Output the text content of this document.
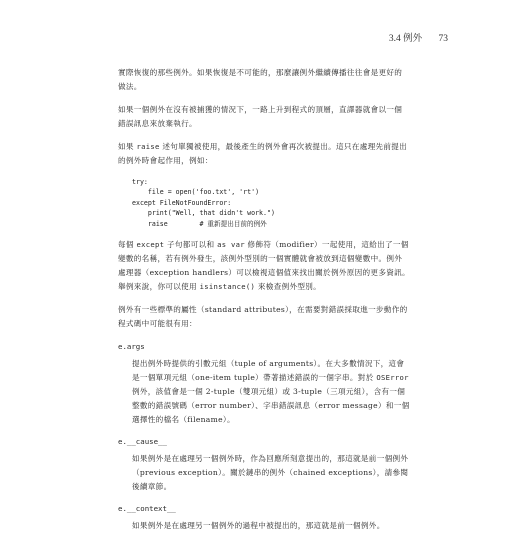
3.4 例外 73

實際恢復的那些例外。如果恢復是不可能的，那麼讓例外繼續傳播往往會是更好的做法。

如果一個例外在沒有被捕獲的情況下，一路上升到程式的頂層，直譯器就會以一個錯誤訊息來放棄執行。

如果 raise 述句單獨被使用，最後產生的例外會再次被提出。這只在處理先前提出的例外時會起作用，例如：

try:
file = open('foo.txt', 'rt')
except FileNotFoundError:
print("Well, that didn't work.")
raise        # 重新提出目前的例外

每個 except 子句都可以和 as var 修飾符（modifier）一起使用，這給出了一個變數的名稱，若有例外發生，該例外型別的一個實體就會被放到這個變數中。例外處理器（exception handlers）可以檢視這個值來找出關於例外原因的更多資訊。舉例來說，你可以使用 isinstance() 來檢查例外型別。

例外有一些標準的屬性（standard attributes），在需要對錯誤採取進一步動作的程式碼中可能很有用：

e.args
提出例外時提供的引數元組（tuple of arguments）。在大多數情況下，這會是一個單項元組（one-item tuple）帶著描述錯誤的一個字串。對於 OSError 例外，該值會是一個 2-tuple（雙項元組）或 3-tuple（三項元組），含有一個整數的錯誤號碼（error number）、字串錯誤訊息（error message）和一個選擇性的檔名（filename）。
e.__cause__
如果例外是在處理另一個例外時，作為回應所刻意提出的，那這就是前一個例外（previous exception）。關於鏈串的例外（chained exceptions），請參閱後續章節。
e.__context__
如果例外是在處理另一個例外的過程中被提出的，那這就是前一個例外。
